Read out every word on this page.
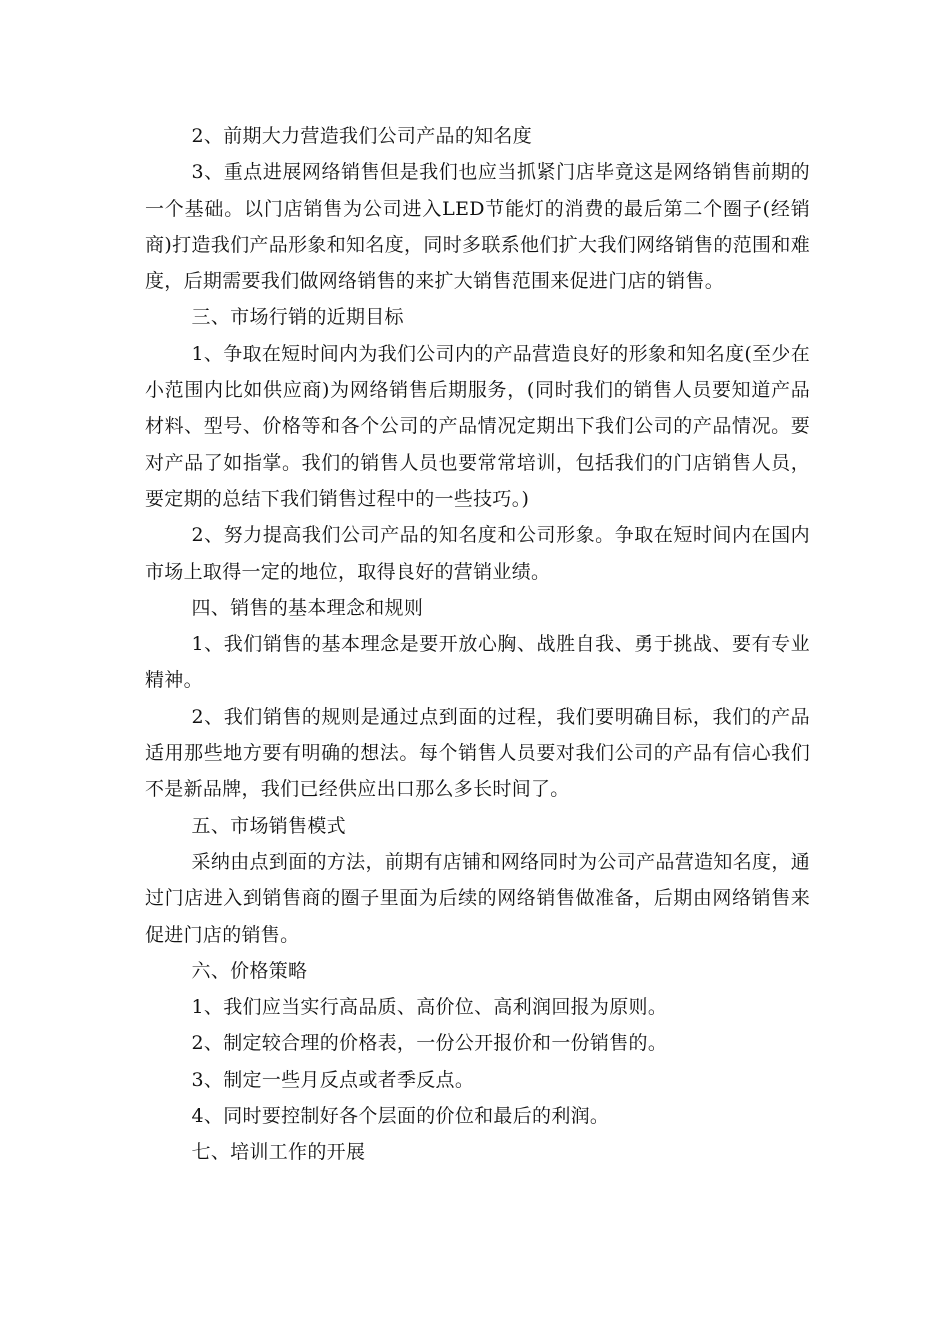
2、前期大力营造我们公司产品的知名度

3、重点进展网络销售但是我们也应当抓紧门店毕竟这是网络销售前期的一个基础。以门店销售为公司进入LED节能灯的消费的最后第二个圈子(经销商)打造我们产品形象和知名度，同时多联系他们扩大我们网络销售的范围和难度，后期需要我们做网络销售的来扩大销售范围来促进门店的销售。

三、市场行销的近期目标

1、争取在短时间内为我们公司内的产品营造良好的形象和知名度(至少在小范围内比如供应商)为网络销售后期服务，(同时我们的销售人员要知道产品材料、型号、价格等和各个公司的产品情况定期出下我们公司的产品情况。要对产品了如指掌。我们的销售人员也要常常培训，包括我们的门店销售人员，要定期的总结下我们销售过程中的一些技巧。)

2、努力提高我们公司产品的知名度和公司形象。争取在短时间内在国内市场上取得一定的地位，取得良好的营销业绩。

四、销售的基本理念和规则

1、我们销售的基本理念是要开放心胸、战胜自我、勇于挑战、要有专业精神。

2、我们销售的规则是通过点到面的过程，我们要明确目标，我们的产品适用那些地方要有明确的想法。每个销售人员要对我们公司的产品有信心我们不是新品牌，我们已经供应出口那么多长时间了。

五、市场销售模式

采纳由点到面的方法，前期有店铺和网络同时为公司产品营造知名度，通过门店进入到销售商的圈子里面为后续的网络销售做准备，后期由网络销售来促进门店的销售。

六、价格策略

1、我们应当实行高品质、高价位、高利润回报为原则。

2、制定较合理的价格表，一份公开报价和一份销售的。

3、制定一些月反点或者季反点。

4、同时要控制好各个层面的价位和最后的利润。

七、培训工作的开展
